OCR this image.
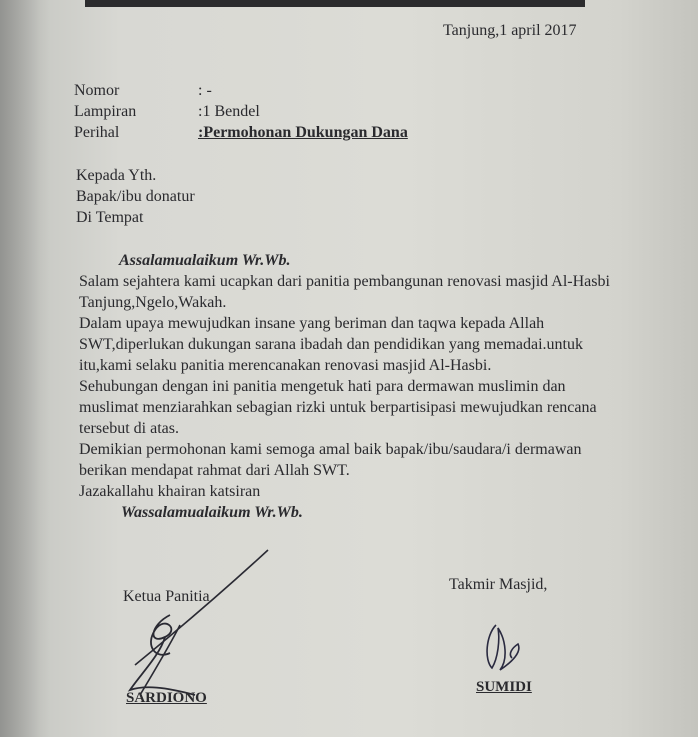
Tanjung,1 april 2017
Nomor	: -
Lampiran	:1 Bendel
Perihal	:Permohonan Dukungan Dana
Kepada Yth.
Bapak/ibu donatur
Di Tempat
Assalamualaikum Wr.Wb.
Salam sejahtera kami ucapkan dari panitia pembangunan renovasi masjid Al-Hasbi
Tanjung,Ngelo,Wakah.
Dalam upaya mewujudkan insane yang beriman dan taqwa kepada Allah
SWT,diperlukan dukungan sarana ibadah dan pendidikan yang memadai.untuk
itu,kami selaku panitia merencanakan renovasi masjid Al-Hasbi.
Sehubungan dengan ini panitia mengetuk hati para dermawan muslimin dan
muslimat menziarahkan sebagian rizki untuk berpartisipasi mewujudkan rencana
tersebut di atas.
Demikian permohonan kami semoga amal baik bapak/ibu/saudara/i dermawan
berikan mendapat rahmat dari Allah SWT.
Jazakallahu khairan katsiran
Wassalamualaikum Wr.Wb.
Ketua Panitia
Takmir Masjid,
SARDIONO
SUMIDI
